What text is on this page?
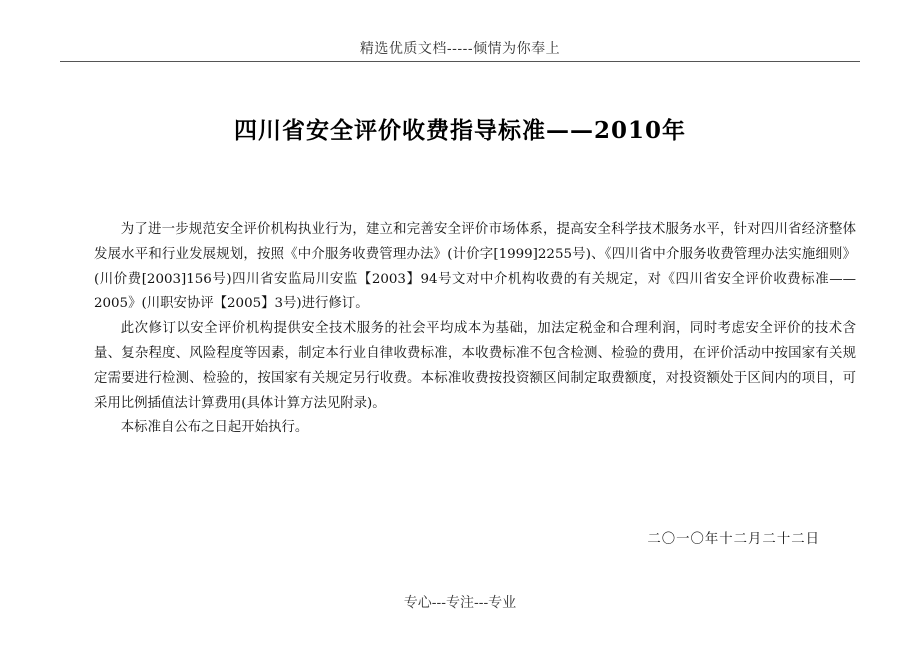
精选优质文档-----倾情为你奉上
四川省安全评价收费指导标准——2010年

为了进一步规范安全评价机构执业行为，建立和完善安全评价市场体系，提高安全科学技术服务水平，针对四川省经济整体发展水平和行业发展规划，按照《中介服务收费管理办法》(计价字[1999]2255号)、《四川省中介服务收费管理办法实施细则》(川价费[2003]156号)四川省安监局川安监【2003】94号文对中介机构收费的有关规定，对《四川省安全评价收费标准——2005》(川职安协评【2005】3号)进行修订。

此次修订以安全评价机构提供安全技术服务的社会平均成本为基础，加法定税金和合理利润，同时考虑安全评价的技术含量、复杂程度、风险程度等因素，制定本行业自律收费标准，本收费标准不包含检测、检验的费用，在评价活动中按国家有关规定需要进行检测、检验的，按国家有关规定另行收费。本标准收费按投资额区间制定取费额度，对投资额处于区间内的项目，可采用比例插值法计算费用(具体计算方法见附录)。

本标准自公布之日起开始执行。

二〇一〇年十二月二十二日
专心---专注---专业
